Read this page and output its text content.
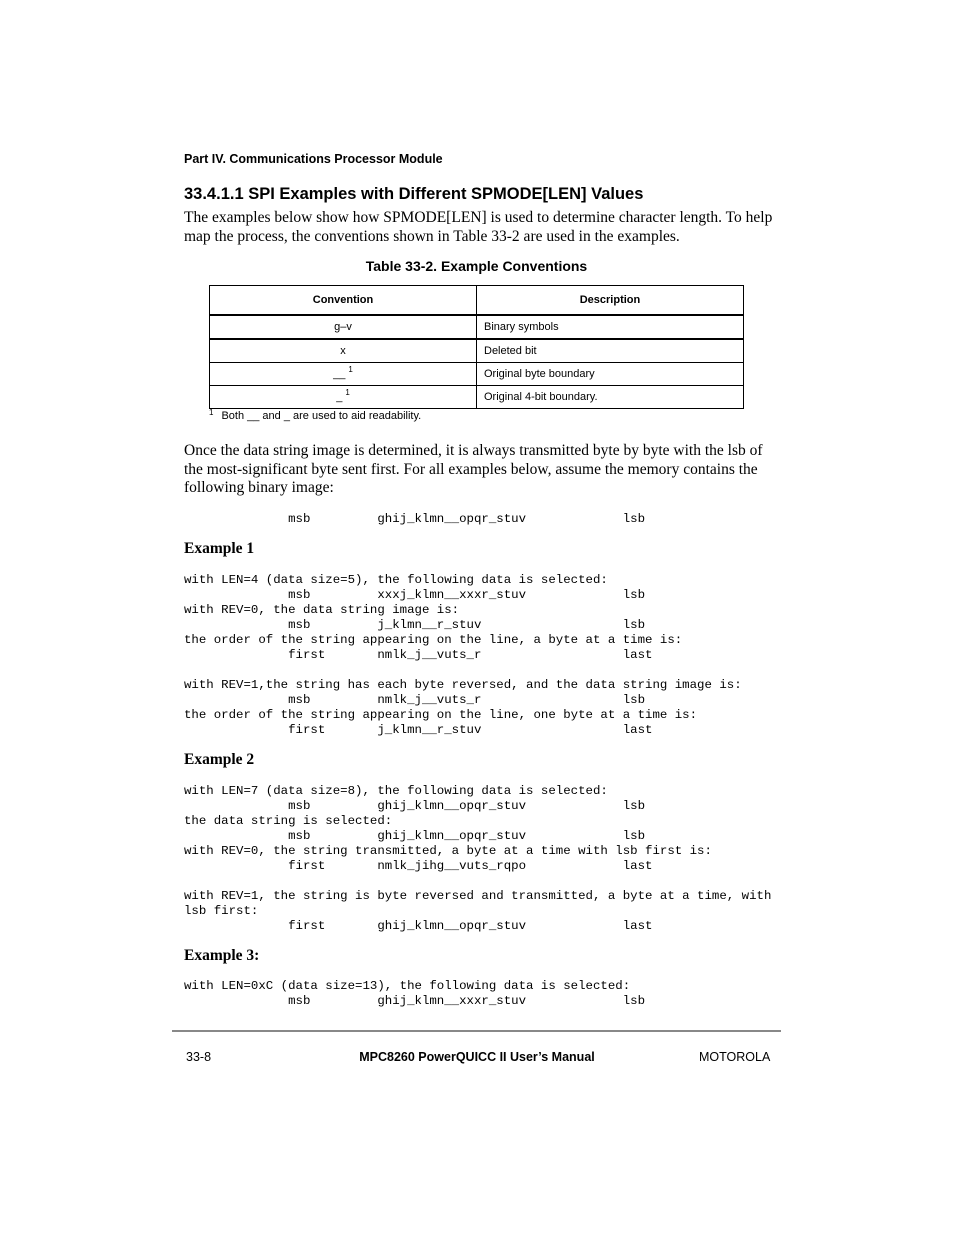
Part IV. Communications Processor Module
33.4.1.1 SPI Examples with Different SPMODE[LEN] Values
The examples below show how SPMODE[LEN] is used to determine character length. To help map the process, the conventions shown in Table 33-2 are used in the examples.
Table 33-2. Example Conventions
Convention	Description
g–v	Binary symbols
x	Deleted bit
__ $^1$	Original byte boundary
_ $^1$	Original 4-bit boundary.
$^1$ Both __ and _ are used to aid readability.
Once the data string image is determined, it is always transmitted byte by byte with the lsb of the most-significant byte sent first. For all examples below, assume the memory contains the following binary image:
msb         ghij_klmn__opqr_stuv             lsb
Example 1
with LEN=4 (data size=5), the following data is selected:
msb         xxxj_klmn__xxxr_stuv             lsb
with REV=0, the data string image is:
msb         j_klmn__r_stuv                   lsb
the order of the string appearing on the line, a byte at a time is:
first       nmlk_j__vuts_r                   last

with REV=1,the string has each byte reversed, and the data string image is:
msb         nmlk_j__vuts_r                   lsb
the order of the string appearing on the line, one byte at a time is:
first       j_klmn__r_stuv                   last
Example 2
with LEN=7 (data size=8), the following data is selected:
msb         ghij_klmn__opqr_stuv             lsb
the data string is selected:
msb         ghij_klmn__opqr_stuv             lsb
with REV=0, the string transmitted, a byte at a time with lsb first is:
first       nmlk_jihg__vuts_rqpo             last

with REV=1, the string is byte reversed and transmitted, a byte at a time, with
lsb first:
first       ghij_klmn__opqr_stuv             last
Example 3:
with LEN=0xC (data size=13), the following data is selected:
msb         ghij_klmn__xxxr_stuv             lsb
33-8	MPC8260 PowerQUICC II User’s Manual	MOTOROLA
